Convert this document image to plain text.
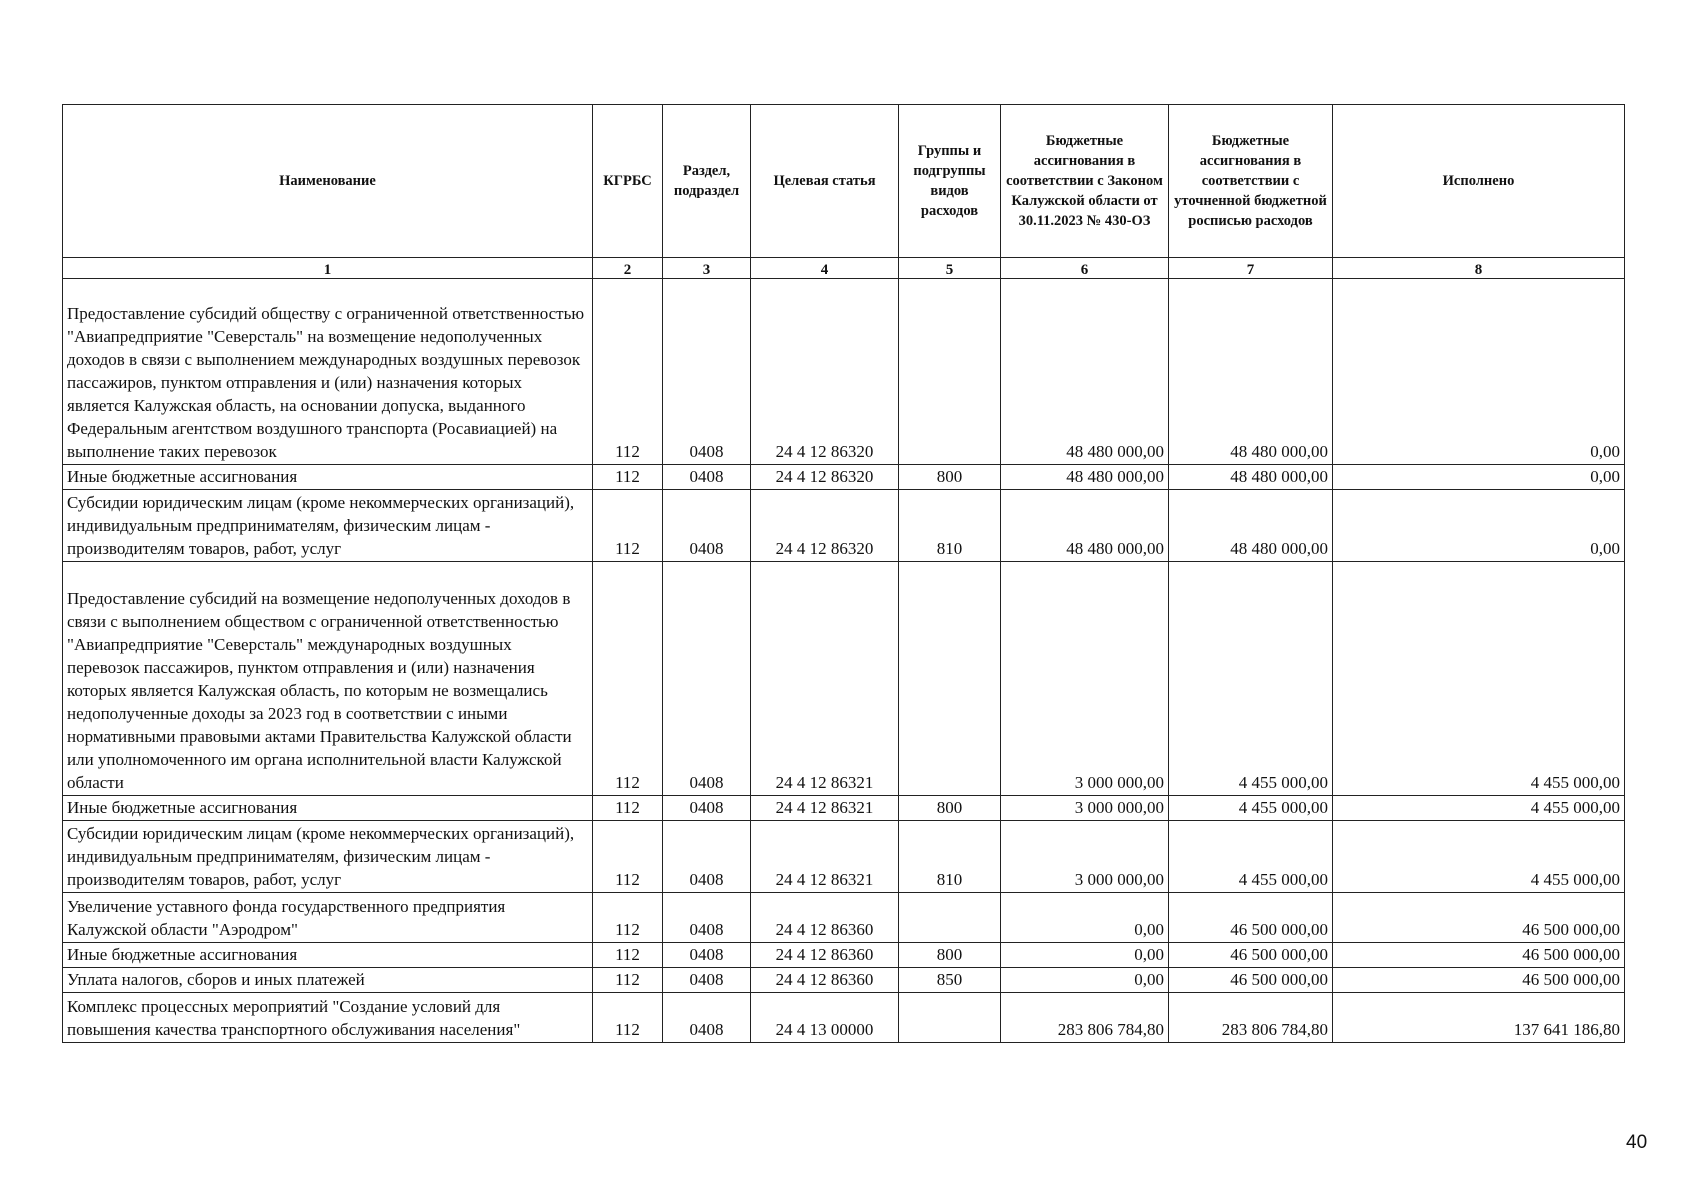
Наименование	КГРБС	Раздел, подраздел	Целевая статья	Группы и подгруппы видов расходов	Бюджетные ассигнования в соответствии с Законом Калужской области от 30.11.2023 № 430-ОЗ	Бюджетные ассигнования в соответствии с уточненной бюджетной росписью расходов	Исполнено
1	2	3	4	5	6	7	8
Предоставление субсидий обществу с ограниченной ответственностью "Авиапредприятие "Северсталь" на возмещение недополученных доходов в связи с выполнением международных воздушных перевозок пассажиров, пунктом отправления и (или) назначения которых является Калужская область, на основании допуска, выданного Федеральным агентством воздушного транспорта (Росавиацией) на выполнение таких перевозок	112	0408	24 4 12 86320		48 480 000,00	48 480 000,00	0,00
Иные бюджетные ассигнования	112	0408	24 4 12 86320	800	48 480 000,00	48 480 000,00	0,00
Субсидии юридическим лицам (кроме некоммерческих организаций), индивидуальным предпринимателям, физическим лицам - производителям товаров, работ, услуг	112	0408	24 4 12 86320	810	48 480 000,00	48 480 000,00	0,00
Предоставление субсидий на возмещение недополученных доходов в связи с выполнением обществом с ограниченной ответственностью "Авиапредприятие "Северсталь" международных воздушных перевозок пассажиров, пунктом отправления и (или) назначения которых является Калужская область, по которым не возмещались недополученные доходы за 2023 год в соответствии с иными нормативными правовыми актами Правительства Калужской области или уполномоченного им органа исполнительной власти Калужской области	112	0408	24 4 12 86321		3 000 000,00	4 455 000,00	4 455 000,00
Иные бюджетные ассигнования	112	0408	24 4 12 86321	800	3 000 000,00	4 455 000,00	4 455 000,00
Субсидии юридическим лицам (кроме некоммерческих организаций), индивидуальным предпринимателям, физическим лицам - производителям товаров, работ, услуг	112	0408	24 4 12 86321	810	3 000 000,00	4 455 000,00	4 455 000,00
Увеличение уставного фонда государственного предприятия Калужской области "Аэродром"	112	0408	24 4 12 86360		0,00	46 500 000,00	46 500 000,00
Иные бюджетные ассигнования	112	0408	24 4 12 86360	800	0,00	46 500 000,00	46 500 000,00
Уплата налогов, сборов и иных платежей	112	0408	24 4 12 86360	850	0,00	46 500 000,00	46 500 000,00
Комплекс процессных мероприятий "Создание условий для повышения качества транспортного обслуживания населения"	112	0408	24 4 13 00000		283 806 784,80	283 806 784,80	137 641 186,80
40
